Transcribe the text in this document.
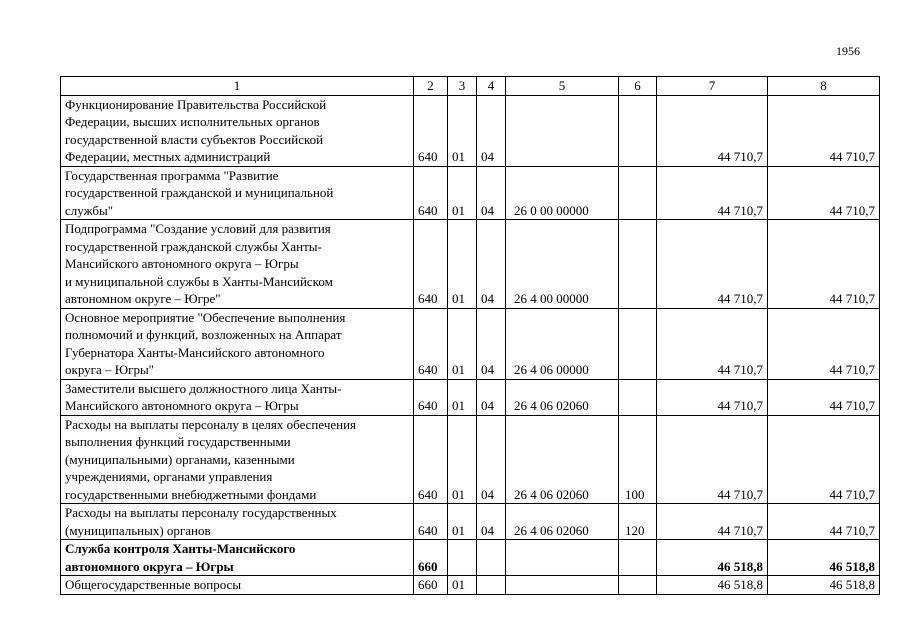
1956
1	2	3	4	5	6	7	8
Функционирование Правительства Российской
Федерации, высших исполнительных органов
государственной власти субъектов Российской
Федерации, местных администраций	640	01	04			44 710,7	44 710,7
Государственная программа "Развитие
государственной гражданской и муниципальной
службы"	640	01	04	26 0 00 00000		44 710,7	44 710,7
Подпрограмма "Создание условий для развития
государственной гражданской службы Ханты-
Мансийского автономного округа – Югры
и муниципальной службы в Ханты-Мансийском
автономном округе – Югре"	640	01	04	26 4 00 00000		44 710,7	44 710,7
Основное мероприятие "Обеспечение выполнения
полномочий и функций, возложенных на Аппарат
Губернатора Ханты-Мансийского автономного
округа – Югры"	640	01	04	26 4 06 00000		44 710,7	44 710,7
Заместители высшего должностного лица Ханты-
Мансийского автономного округа – Югры	640	01	04	26 4 06 02060		44 710,7	44 710,7
Расходы на выплаты персоналу в целях обеспечения
выполнения функций государственными
(муниципальными) органами, казенными
учреждениями, органами управления
государственными внебюджетными фондами	640	01	04	26 4 06 02060	100	44 710,7	44 710,7
Расходы на выплаты персоналу государственных
(муниципальных) органов	640	01	04	26 4 06 02060	120	44 710,7	44 710,7
Служба контроля Ханты-Мансийского
автономного округа – Югры	660					46 518,8	46 518,8
Общегосударственные вопросы	660	01				46 518,8	46 518,8
